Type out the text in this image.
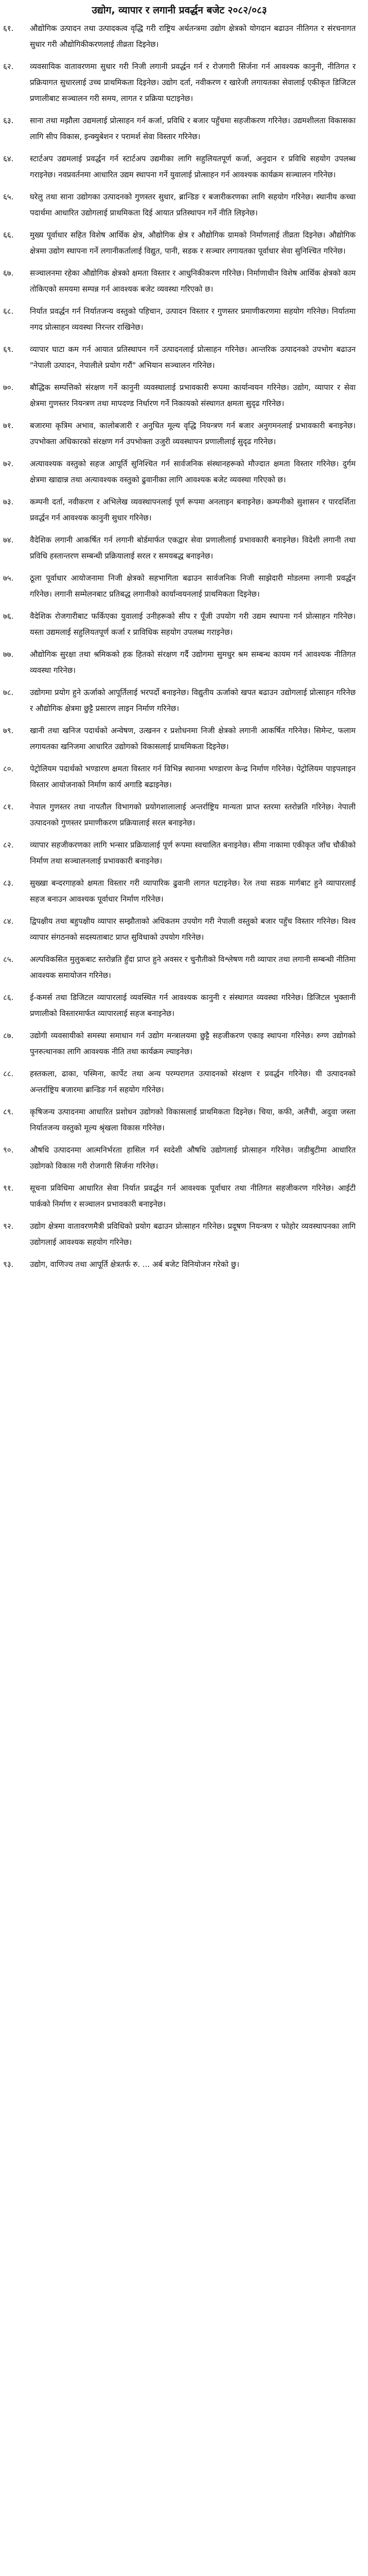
उद्योग, व्यापार र लगानी प्रवर्द्धन बजेट २०८२/०८३
६१.	औद्योगिक उत्पादन तथा उत्पादकत्व वृद्धि गरी राष्ट्रिय अर्थतन्त्रमा उद्योग क्षेत्रको योगदान बढाउन नीतिगत र संरचनागत सुधार गरी औद्योगिकीकरणलाई तीव्रता दिइनेछ।
६२.	व्यवसायिक वातावरणमा सुधार गरी निजी लगानी प्रवर्द्धन गर्न र रोजगारी सिर्जना गर्न आवश्यक कानुनी, नीतिगत र प्रक्रियागत सुधारलाई उच्च प्राथमिकता दिइनेछ। उद्योग दर्ता, नवीकरण र खारेजी लगायतका सेवालाई एकीकृत डिजिटल प्रणालीबाट सञ्चालन गरी समय, लागत र प्रक्रिया घटाइनेछ।
६३.	साना तथा मझौला उद्यमलाई प्रोत्साहन गर्न कर्जा, प्रविधि र बजार पहुँचमा सहजीकरण गरिनेछ। उद्यमशीलता विकासका लागि सीप विकास, इन्क्युबेशन र परामर्श सेवा विस्तार गरिनेछ।
६४.	स्टार्टअप उद्यमलाई प्रवर्द्धन गर्न स्टार्टअप उद्यमीका लागि सहुलियतपूर्ण कर्जा, अनुदान र प्रविधि सहयोग उपलब्ध गराइनेछ। नवप्रवर्तनमा आधारित उद्यम स्थापना गर्ने युवालाई प्रोत्साहन गर्न आवश्यक कार्यक्रम सञ्चालन गरिनेछ।
६५.	घरेलु तथा साना उद्योगका उत्पादनको गुणस्तर सुधार, ब्रान्डिङ र बजारीकरणका लागि सहयोग गरिनेछ। स्थानीय कच्चा पदार्थमा आधारित उद्योगलाई प्राथमिकता दिई आयात प्रतिस्थापन गर्ने नीति लिइनेछ।
६६.	मुख्य पूर्वाधार सहित विशेष आर्थिक क्षेत्र, औद्योगिक क्षेत्र र औद्योगिक ग्रामको निर्माणलाई तीव्रता दिइनेछ। औद्योगिक क्षेत्रमा उद्योग स्थापना गर्ने लगानीकर्तालाई विद्युत, पानी, सडक र सञ्चार लगायतका पूर्वाधार सेवा सुनिश्चित गरिनेछ।
६७.	सञ्चालनमा रहेका औद्योगिक क्षेत्रको क्षमता विस्तार र आधुनिकीकरण गरिनेछ। निर्माणाधीन विशेष आर्थिक क्षेत्रको काम तोकिएको समयमा सम्पन्न गर्न आवश्यक बजेट व्यवस्था गरिएको छ।
६८.	निर्यात प्रवर्द्धन गर्न निर्यातजन्य वस्तुको पहिचान, उत्पादन विस्तार र गुणस्तर प्रमाणीकरणमा सहयोग गरिनेछ। निर्यातमा नगद प्रोत्साहन व्यवस्था निरन्तर राखिनेछ।
६९.	व्यापार घाटा कम गर्न आयात प्रतिस्थापन गर्ने उत्पादनलाई प्रोत्साहन गरिनेछ। आन्तरिक उत्पादनको उपभोग बढाउन "नेपाली उत्पादन, नेपालीले प्रयोग गरौं" अभियान सञ्चालन गरिनेछ।
७०.	बौद्धिक सम्पत्तिको संरक्षण गर्ने कानुनी व्यवस्थालाई प्रभावकारी रूपमा कार्यान्वयन गरिनेछ। उद्योग, व्यापार र सेवा क्षेत्रमा गुणस्तर नियन्त्रण तथा मापदण्ड निर्धारण गर्ने निकायको संस्थागत क्षमता सुदृढ गरिनेछ।
७१.	बजारमा कृत्रिम अभाव, कालोबजारी र अनुचित मूल्य वृद्धि नियन्त्रण गर्न बजार अनुगमनलाई प्रभावकारी बनाइनेछ। उपभोक्ता अधिकारको संरक्षण गर्न उपभोक्ता उजुरी व्यवस्थापन प्रणालीलाई सुदृढ गरिनेछ।
७२.	अत्यावश्यक वस्तुको सहज आपूर्ति सुनिश्चित गर्न सार्वजनिक संस्थानहरूको मौज्दात क्षमता विस्तार गरिनेछ। दुर्गम क्षेत्रमा खाद्यान्न तथा अत्यावश्यक वस्तुको ढुवानीका लागि आवश्यक बजेट व्यवस्था गरिएको छ।
७३.	कम्पनी दर्ता, नवीकरण र अभिलेख व्यवस्थापनलाई पूर्ण रूपमा अनलाइन बनाइनेछ। कम्पनीको सुशासन र पारदर्शिता प्रवर्द्धन गर्न आवश्यक कानुनी सुधार गरिनेछ।
७४.	वैदेशिक लगानी आकर्षित गर्न लगानी बोर्डमार्फत एकद्वार सेवा प्रणालीलाई प्रभावकारी बनाइनेछ। विदेशी लगानी तथा प्रविधि हस्तान्तरण सम्बन्धी प्रक्रियालाई सरल र समयबद्ध बनाइनेछ।
७५.	ठूला पूर्वाधार आयोजनामा निजी क्षेत्रको सहभागिता बढाउन सार्वजनिक निजी साझेदारी मोडलमा लगानी प्रवर्द्धन गरिनेछ। लगानी सम्मेलनबाट प्रतिबद्ध लगानीको कार्यान्वयनलाई प्राथमिकता दिइनेछ।
७६.	वैदेशिक रोजगारीबाट फर्किएका युवालाई उनीहरूको सीप र पूँजी उपयोग गरी उद्यम स्थापना गर्न प्रोत्साहन गरिनेछ। यस्ता उद्यमलाई सहुलियतपूर्ण कर्जा र प्राविधिक सहयोग उपलब्ध गराइनेछ।
७७.	औद्योगिक सुरक्षा तथा श्रमिकको हक हितको संरक्षण गर्दै उद्योगमा सुमधुर श्रम सम्बन्ध कायम गर्न आवश्यक नीतिगत व्यवस्था गरिनेछ।
७८.	उद्योगमा प्रयोग हुने ऊर्जाको आपूर्तिलाई भरपर्दो बनाइनेछ। विद्युतीय ऊर्जाको खपत बढाउन उद्योगलाई प्रोत्साहन गरिनेछ र औद्योगिक क्षेत्रमा छुट्टै प्रसारण लाइन निर्माण गरिनेछ।
७९.	खानी तथा खनिज पदार्थको अन्वेषण, उत्खनन र प्रशोधनमा निजी क्षेत्रको लगानी आकर्षित गरिनेछ। सिमेन्ट, फलाम लगायतका खनिजमा आधारित उद्योगको विकासलाई प्राथमिकता दिइनेछ।
८०.	पेट्रोलियम पदार्थको भण्डारण क्षमता विस्तार गर्न विभिन्न स्थानमा भण्डारण केन्द्र निर्माण गरिनेछ। पेट्रोलियम पाइपलाइन विस्तार आयोजनाको निर्माण कार्य अगाडि बढाइनेछ।
८१.	नेपाल गुणस्तर तथा नापतौल विभागको प्रयोगशालालाई अन्तर्राष्ट्रिय मान्यता प्राप्त स्तरमा स्तरोन्नति गरिनेछ। नेपाली उत्पादनको गुणस्तर प्रमाणीकरण प्रक्रियालाई सरल बनाइनेछ।
८२.	व्यापार सहजीकरणका लागि भन्सार प्रक्रियालाई पूर्ण रूपमा स्वचालित बनाइनेछ। सीमा नाकामा एकीकृत जाँच चौकीको निर्माण तथा सञ्चालनलाई प्रभावकारी बनाइनेछ।
८३.	सुख्खा बन्दरगाहको क्षमता विस्तार गरी व्यापारिक ढुवानी लागत घटाइनेछ। रेल तथा सडक मार्गबाट हुने व्यापारलाई सहज बनाउन आवश्यक पूर्वाधार निर्माण गरिनेछ।
८४.	द्विपक्षीय तथा बहुपक्षीय व्यापार सम्झौताको अधिकतम उपयोग गरी नेपाली वस्तुको बजार पहुँच विस्तार गरिनेछ। विश्व व्यापार संगठनको सदस्यताबाट प्राप्त सुविधाको उपयोग गरिनेछ।
८५.	अल्पविकसित मुलुकबाट स्तरोन्नति हुँदा प्राप्त हुने अवसर र चुनौतीको विश्लेषण गरी व्यापार तथा लगानी सम्बन्धी नीतिमा आवश्यक समायोजन गरिनेछ।
८६.	ई-कमर्स तथा डिजिटल व्यापारलाई व्यवस्थित गर्न आवश्यक कानुनी र संस्थागत व्यवस्था गरिनेछ। डिजिटल भुक्तानी प्रणालीको विस्तारमार्फत व्यापारलाई सहज बनाइनेछ।
८७.	उद्योगी व्यवसायीको समस्या समाधान गर्न उद्योग मन्त्रालयमा छुट्टै सहजीकरण एकाइ स्थापना गरिनेछ। रुग्ण उद्योगको पुनरुत्थानका लागि आवश्यक नीति तथा कार्यक्रम ल्याइनेछ।
८८.	हस्तकला, ढाका, पस्मिना, कार्पेट तथा अन्य परम्परागत उत्पादनको संरक्षण र प्रवर्द्धन गरिनेछ। यी उत्पादनको अन्तर्राष्ट्रिय बजारमा ब्रान्डिङ गर्न सहयोग गरिनेछ।
८९.	कृषिजन्य उत्पादनमा आधारित प्रशोधन उद्योगको विकासलाई प्राथमिकता दिइनेछ। चिया, कफी, अलैंची, अदुवा जस्ता निर्यातजन्य वस्तुको मूल्य श्रृंखला विकास गरिनेछ।
९०.	औषधि उत्पादनमा आत्मनिर्भरता हासिल गर्न स्वदेशी औषधि उद्योगलाई प्रोत्साहन गरिनेछ। जडीबुटीमा आधारित उद्योगको विकास गरी रोजगारी सिर्जना गरिनेछ।
९१.	सूचना प्रविधिमा आधारित सेवा निर्यात प्रवर्द्धन गर्न आवश्यक पूर्वाधार तथा नीतिगत सहजीकरण गरिनेछ। आईटी पार्कको निर्माण र सञ्चालन प्रभावकारी बनाइनेछ।
९२.	उद्योग क्षेत्रमा वातावरणमैत्री प्रविधिको प्रयोग बढाउन प्रोत्साहन गरिनेछ। प्रदूषण नियन्त्रण र फोहोर व्यवस्थापनका लागि उद्योगलाई आवश्यक सहयोग गरिनेछ।
९३.	उद्योग, वाणिज्य तथा आपूर्ति क्षेत्रतर्फ रु. ... अर्ब बजेट विनियोजन गरेको छु।
